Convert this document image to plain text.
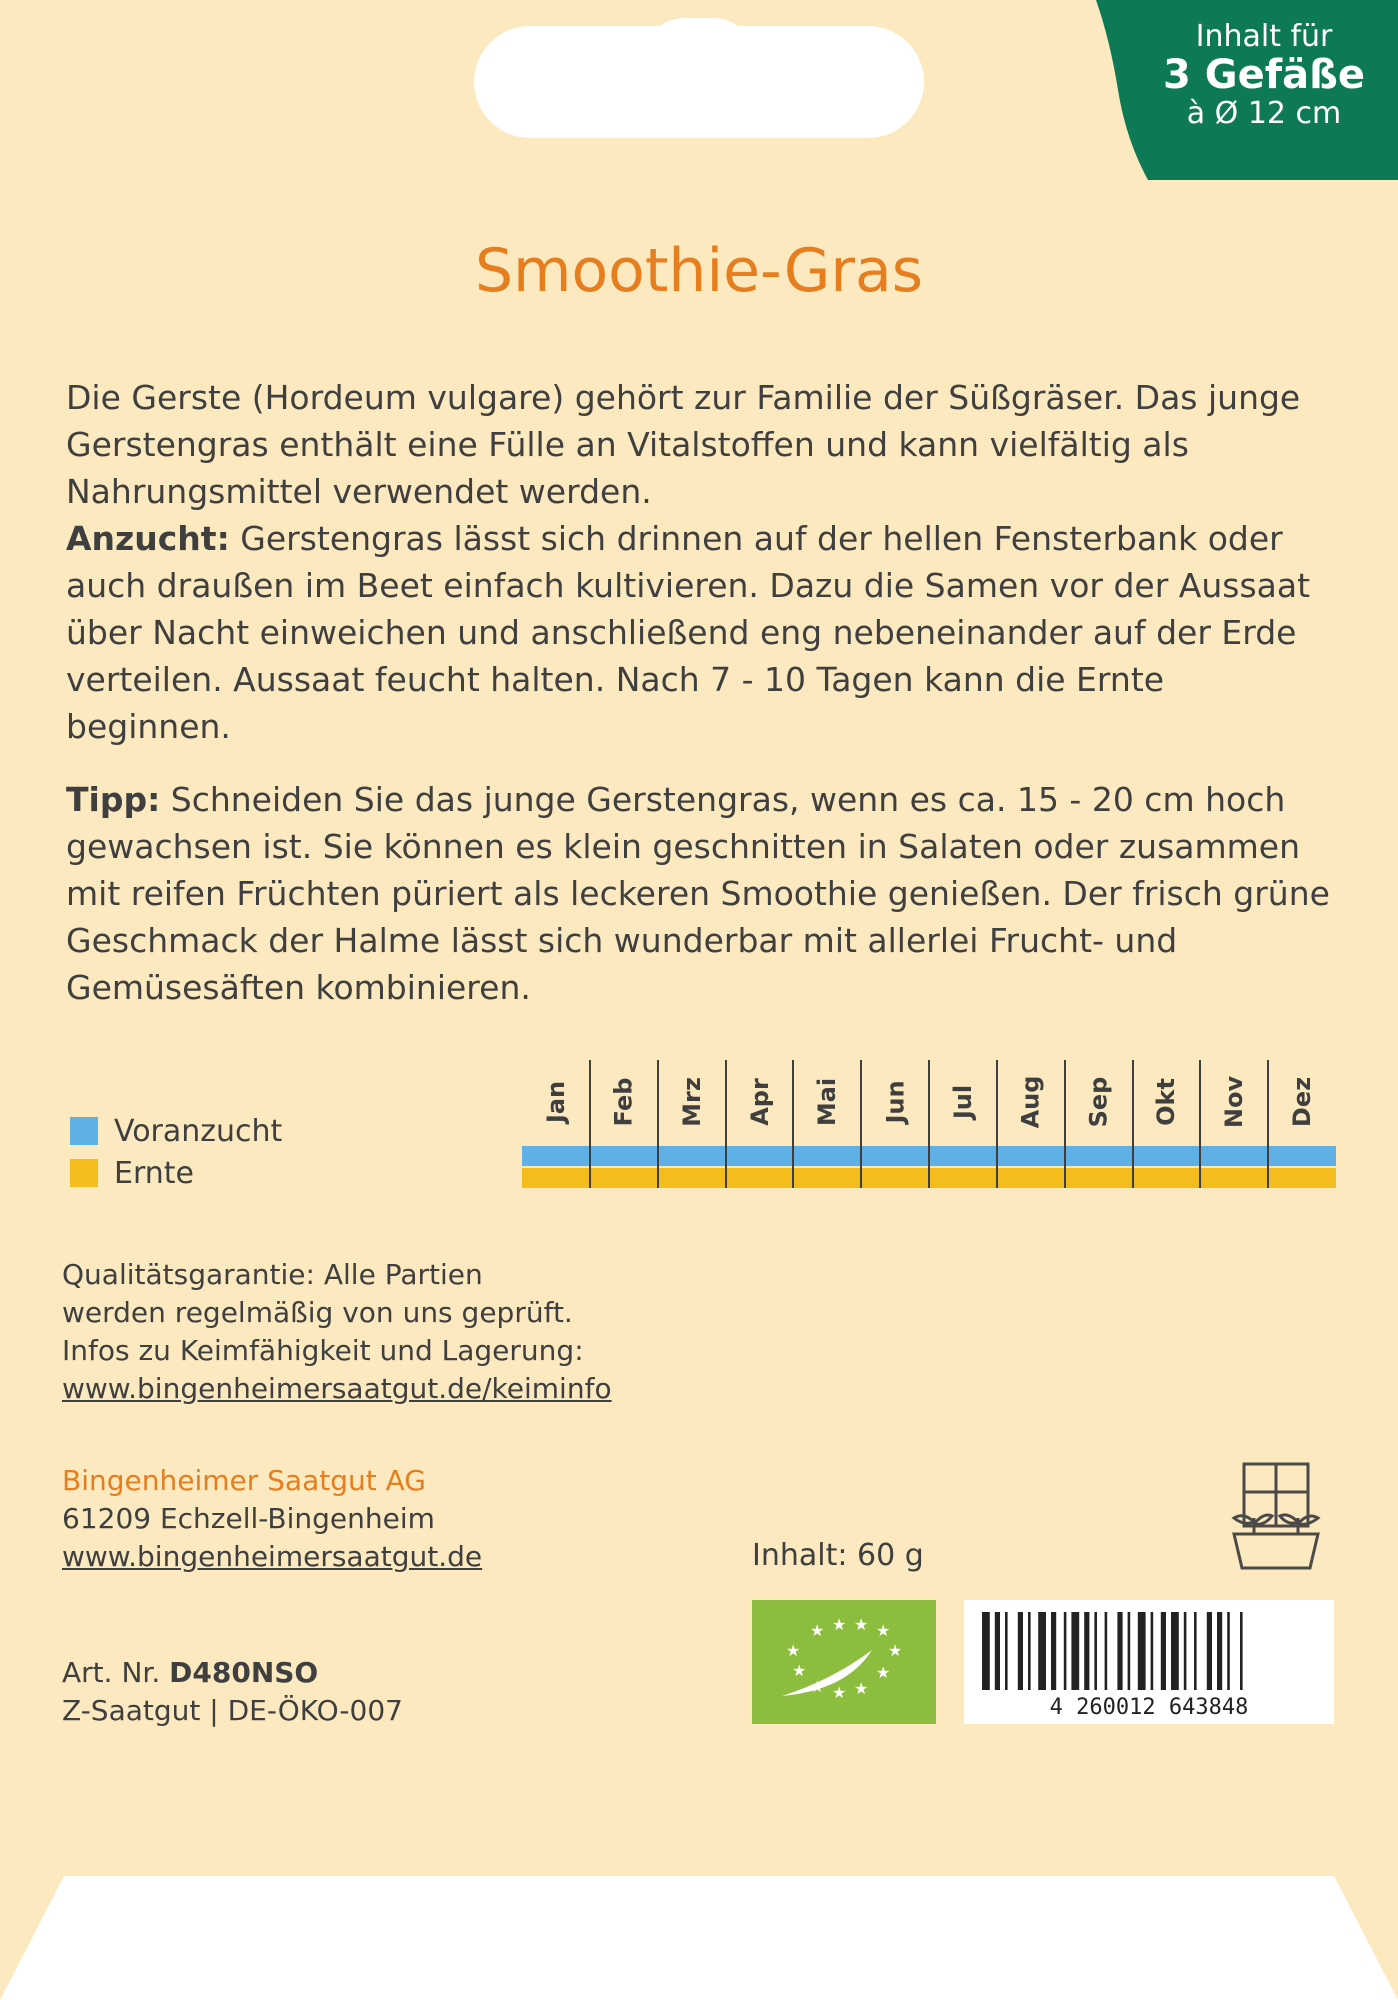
Inhalt für
3 Gefäße
à Ø 12 cm
Smoothie-Gras

Die Gerste (Hordeum vulgare) gehört zur Familie der Süßgräser. Das junge Gerstengras enthält eine Fülle an Vitalstoffen und kann vielfältig als Nahrungsmittel verwendet werden.

Anzucht: Gerstengras lässt sich drinnen auf der hellen Fensterbank oder auch draußen im Beet einfach kultivieren. Dazu die Samen vor der Aussaat über Nacht einweichen und anschließend eng nebeneinander auf der Erde verteilen. Aussaat feucht halten. Nach 7 - 10 Tagen kann die Ernte beginnen.

Tipp: Schneiden Sie das junge Gerstengras, wenn es ca. 15 - 20 cm hoch gewachsen ist. Sie können es klein geschnitten in Salaten oder zusammen mit reifen Früchten püriert als leckeren Smoothie genießen. Der frisch grüne Geschmack der Halme lässt sich wunderbar mit allerlei Frucht- und Gemüsesäften kombinieren.

Voranzucht
Ernte
Jan Feb Mrz Apr Mai Jun Jul Aug Sep Okt Nov Dez
Qualitätsgarantie: Alle Partien
werden regelmäßig von uns geprüft.
Infos zu Keimfähigkeit und Lagerung:
www.bingenheimersaatgut.de/keiminfo
Bingenheimer Saatgut AG
61209 Echzell-Bingenheim
www.bingenheimersaatgut.de
Art. Nr. D480NSO
Z-Saatgut | DE-ÖKO-007
Inhalt: 60 g
★ ★ ★ ★
★
★
★
★
★
★
4 260012 643848
